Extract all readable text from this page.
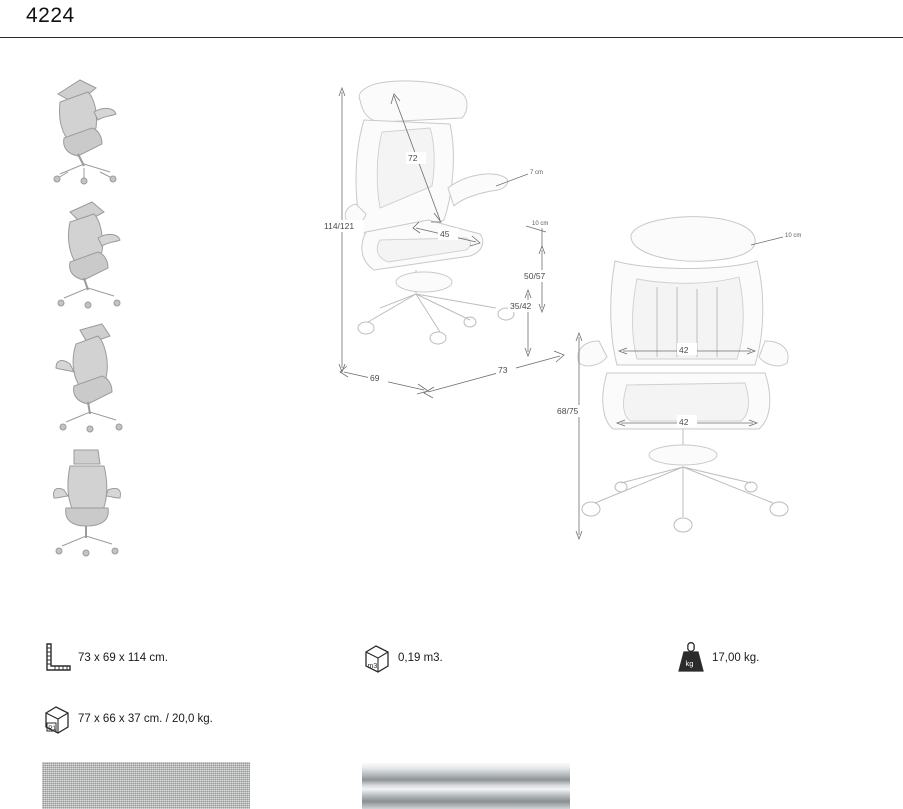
4224
114/121
72
7 cm
45
10 cm
50/57
35/42
69
73
10 cm
42
42
68/75
73 x 69 x 114 cm.
m3
0,19 m3.	kg 17,00 kg.
P1
77 x 66 x 37 cm. / 20,0 kg.
